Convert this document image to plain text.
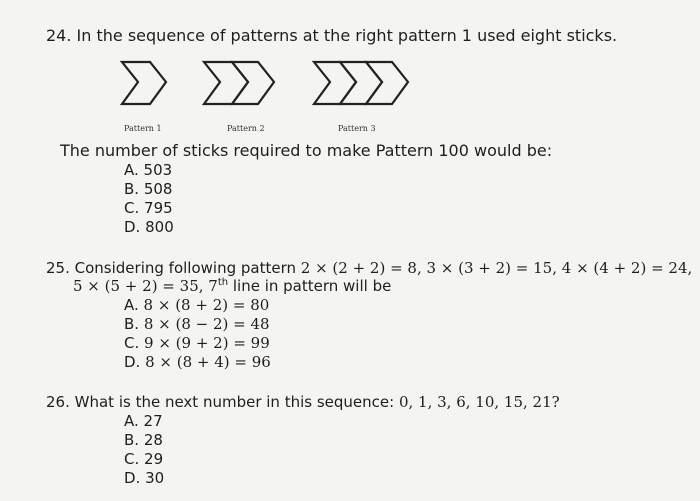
24. In the sequence of patterns at the right pattern 1 used eight sticks.
Pattern 1	Pattern 2	Pattern 3
The number of sticks required to make Pattern 100 would be:
A. 503
B. 508
C. 795
D. 800
25. Considering following pattern 2 × (2 + 2) = 8, 3 × (3 + 2) = 15, 4 × (4 + 2) = 24,
5 × (5 + 2) = 35, 7th line in pattern will be
A. 8 × (8 + 2) = 80
B. 8 × (8 − 2) = 48
C. 9 × (9 + 2) = 99
D. 8 × (8 + 4) = 96
26. What is the next number in this sequence: 0, 1, 3, 6, 10, 15, 21?
A. 27
B. 28
C. 29
D. 30
